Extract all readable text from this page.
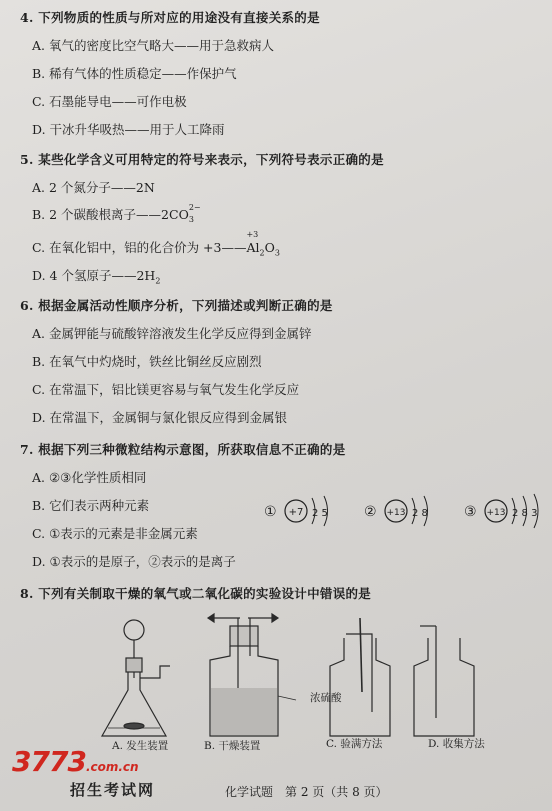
4. 下列物质的性质与所对应的用途没有直接关系的是
A. 氧气的密度比空气略大——用于急救病人
B. 稀有气体的性质稳定——作保护气
C. 石墨能导电——可作电极
D. 干冰升华吸热——用于人工降雨
5. 某些化学含义可用特定的符号来表示，下列符号表示正确的是
A. 2 个氮分子——2N
B. 2 个碳酸根离子——2CO 3
2−
C. 在氧化铝中，铝的化合价为 +3——
+3
$Al_2O_3$
D. 4 个氢原子$——2H_2$
6. 根据金属活动性顺序分析，下列描述或判断正确的是
A. 金属钾能与硫酸锌溶液发生化学反应得到金属锌
B. 在氧气中灼烧时，铁丝比铜丝反应剧烈
C. 在常温下，铝比镁更容易与氧气发生化学反应
D. 在常温下，金属铜与氯化银反应得到金属银
7. 根据下列三种微粒结构示意图，所获取信息不正确的是
A. ②③化学性质相同
B. 它们表示两种元素
C. ①表示的元素是非金属元素
D. ①表示的是原子，②表示的是离子
① +7 2 5	② +13 2 8	③ +13 2 8 3
8. 下列有关制取干燥的氧气或二氧化碳的实验设计中错误的是
浓硫酸
A. 发生装置	B. 干燥装置	C. 验满方法	D. 收集方法
化学试题　第 2 页（共 8 页）
3773.com.cn
招生考试网
